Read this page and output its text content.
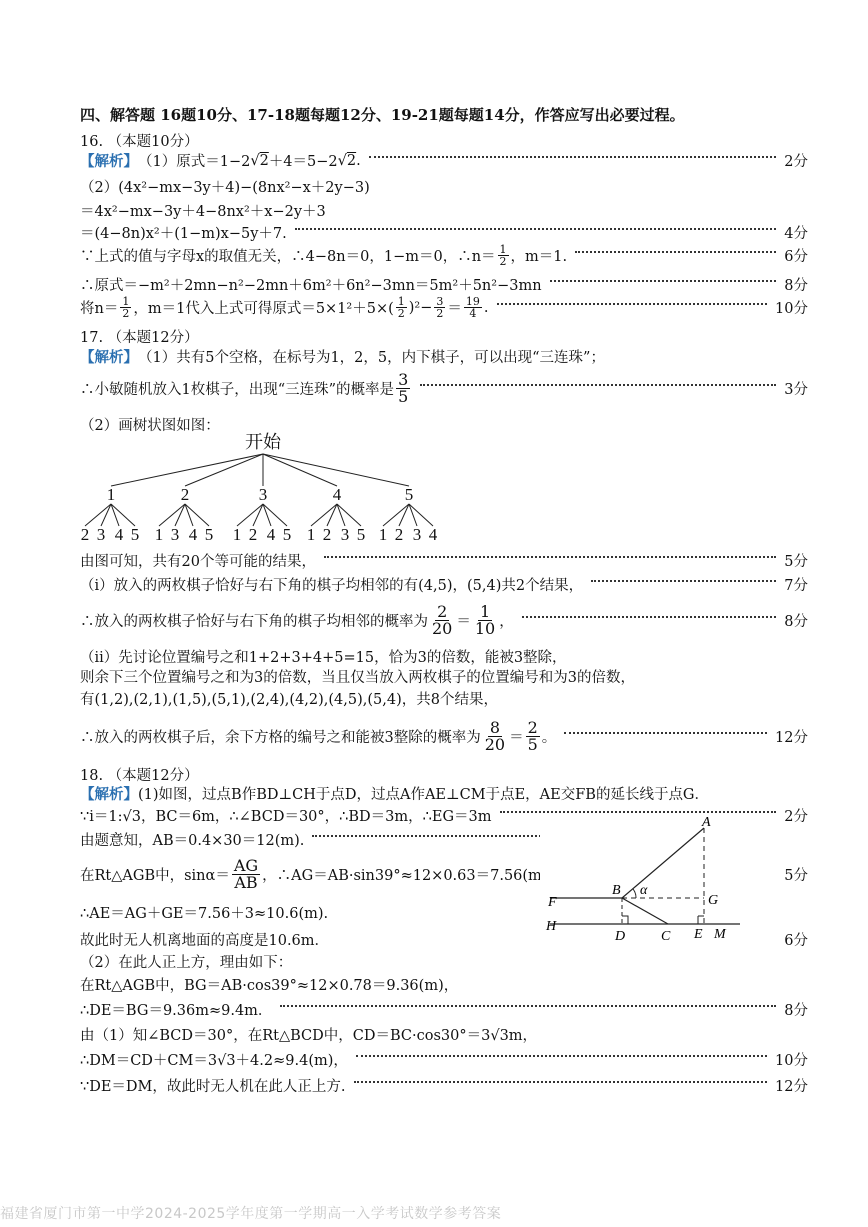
四、解答题 16题10分、17-18题每题12分、19-21题每题14分，作答应写出必要过程。
16. （本题10分）
【解析】 （1）原式＝1−2 √ 2 ＋4＝5−2 √ 2 .	2分
（2）(4x²−mx−3y＋4)−(8nx²−x＋2y−3)
＝4x²−mx−3y＋4−8nx²＋x−2y＋3
＝(4−8n)x²＋(1−m)x−5y＋7.	4分
∵上式的值与字母x的取值无关，∴4−8n＝0，1−m＝0，∴n＝ $\frac{1}{2}$ ，m＝1.	6分
∴原式＝−m²＋2mn−n²−2mn＋6m²＋6n²−3mn＝5m²＋5n²−3mn	8分
将$n= \frac{1}{2}$ ，m＝1代入上式可得原式$=5\times 1^2+5\times( \frac{1}{2} )^2- \frac{3}{2} = \frac{19}{4}$ .	10分
17. （本题12分）
【解析】 （1）共有5个空格，在标号为1，2，5，内下棋子，可以出现“三连珠”；
∴小敏随机放入1枚棋子，出现“三连珠”的概率是 $\frac{3}{5}$	3分
（2）画树状图如图：
开始
1
2 3 4 5
2
1 3 4 5
3
1 2 4 5
4
1 2 3 5
5
1 2 3 4
由图可知，共有20个等可能的结果，	5分
（i）放入的两枚棋子恰好与右下角的棋子均相邻的有(4,5)，(5,4)共2个结果，	7分
∴放入的两枚棋子恰好与右下角的棋子均相邻的概率为 $\frac{2}{20} = \frac{1}{10}$ ，	8分
（ii）先讨论位置编号之和1+2+3+4+5=15，恰为3的倍数，能被3整除，
则余下三个位置编号之和为3的倍数，当且仅当放入两枚棋子的位置编号和为3的倍数，
有(1,2),(2,1),(1,5),(5,1),(2,4),(4,2),(4,5),(5,4)，共8个结果，
∴放入的两枚棋子后，余下方格的编号之和能被3整除的概率为 $\frac{8}{20} = \frac{2}{5}$ 。	12分
18. （本题12分）
【解析】 (1)如图，过点B作BD⊥CH于点D，过点A作AE⊥CM于点E，AE交FB的延长线于点G．
∵i＝1:√3，BC＝6m，∴∠BCD＝30°，∴BD＝3m，∴EG＝3m	2分
由题意知，AB＝0.4×30＝12(m).	3分
在Rt△AGB中，$\sin\alpha= \frac{AG}{AB}$ ，∴AG＝AB·sin39°≈12×0.63＝7.56(m)	5分
∴AE＝AG＋GE＝7.56＋3≈10.6(m).
故此时无人机离地面的高度是10.6m．	6分
（2）在此人正上方，理由如下：
在Rt△AGB中，BG＝AB·cos39°≈12×0.78＝9.36(m)，
∴DE＝BG＝9.36m≈9.4m．	8分
由（1）知∠BCD＝30°，在Rt△BCD中，CD＝BC·cos30°＝3√3m，
∴DM＝CD＋CM＝3√3＋4.2≈9.4(m)，	10分
∵DE＝DM，故此时无人机在此人正上方.	12分
A
B α
G
F
H
D	C E M
福建省厦门市第一中学2024-2025学年度第一学期高一入学考试数学参考答案
